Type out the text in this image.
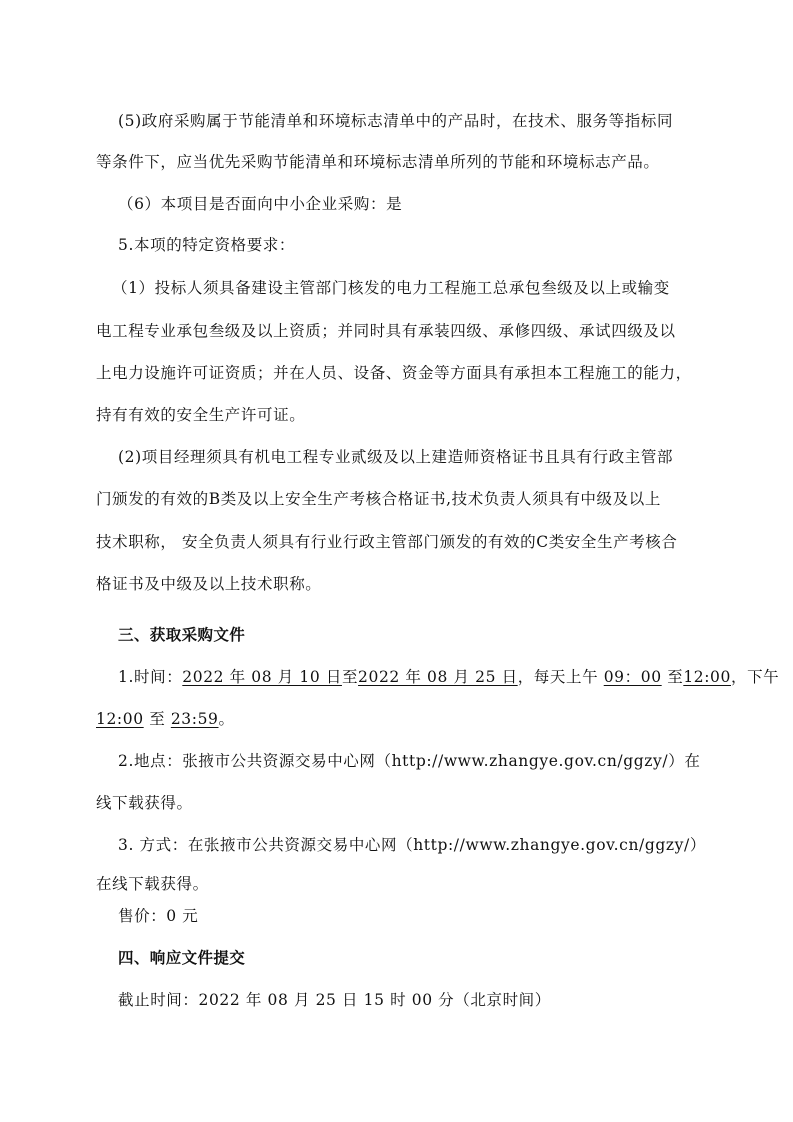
(5)政府采购属于节能清单和环境标志清单中的产品时，在技术、服务等指标同
等条件下，应当优先采购节能清单和环境标志清单所列的节能和环境标志产品。
（6）本项目是否面向中小企业采购：是
5.本项的特定资格要求：
（1）投标人须具备建设主管部门核发的电力工程施工总承包叁级及以上或输变
电工程专业承包叁级及以上资质；并同时具有承装四级、承修四级、承试四级及以
上电力设施许可证资质；并在人员、设备、资金等方面具有承担本工程施工的能力，
持有有效的安全生产许可证。
(2)项目经理须具有机电工程专业贰级及以上建造师资格证书且具有行政主管部
门颁发的有效的B类及以上安全生产考核合格证书,技术负责人须具有中级及以上
技术职称， 安全负责人须具有行业行政主管部门颁发的有效的C类安全生产考核合
格证书及中级及以上技术职称。
三、获取采购文件
1.时间：2022 年 08 月 10 日至2022 年 08 月 25 日，每天上午 09：00 至12:00，下午
12:00 至 23:59。
2.地点：张掖市公共资源交易中心网（http://www.zhangye.gov.cn/ggzy/）在
线下载获得。
3. 方式：在张掖市公共资源交易中心网（http://www.zhangye.gov.cn/ggzy/）
在线下载获得。
售价：0 元
四、响应文件提交
截止时间：2022 年 08 月 25 日 15 时 00 分（北京时间）
